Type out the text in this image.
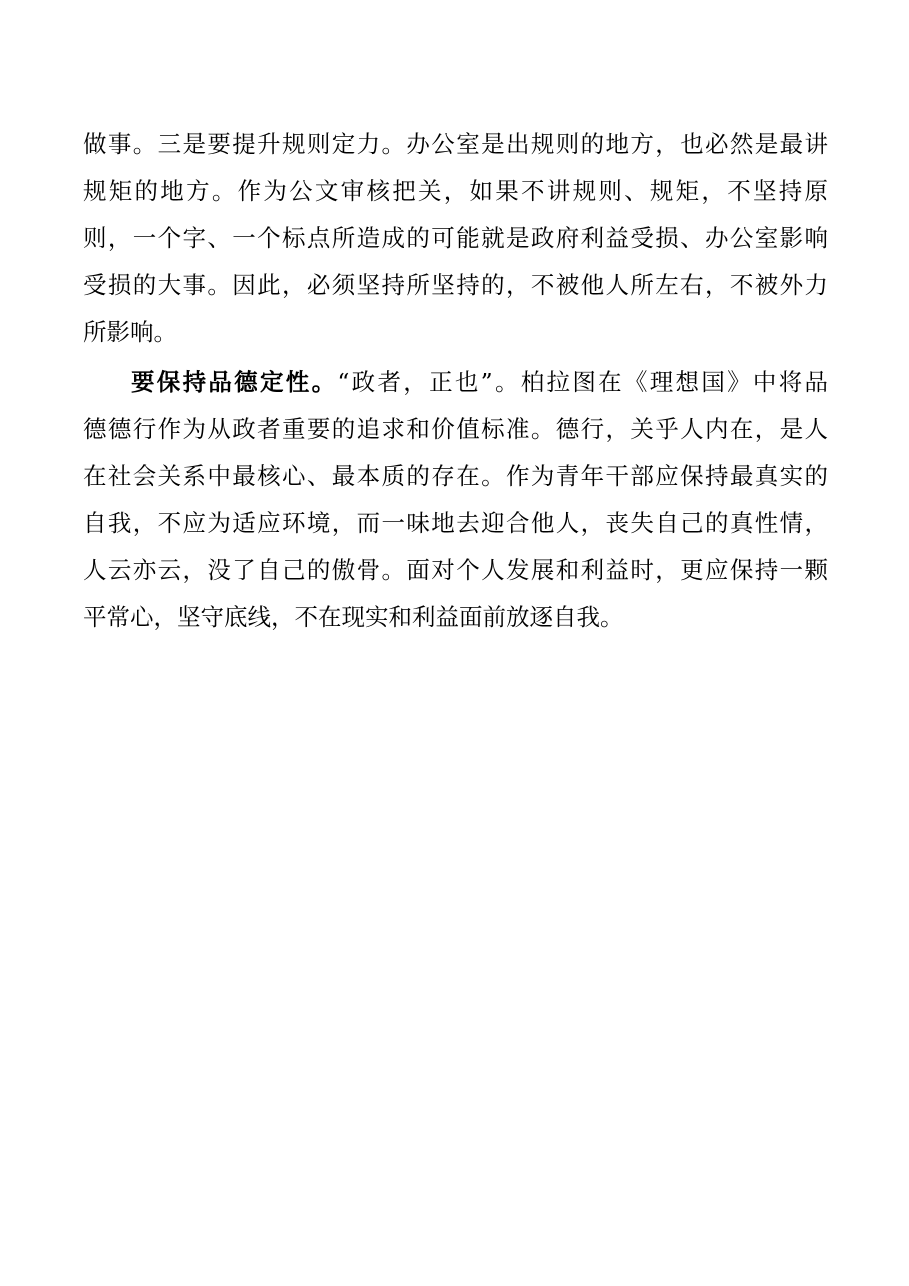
做事。三是要提升规则定力。办公室是出规则的地方，也必然是最讲
规矩的地方。作为公文审核把关，如果不讲规则、规矩，不坚持原
则，一个字、一个标点所造成的可能就是政府利益受损、办公室影响
受损的大事。因此，必须坚持所坚持的，不被他人所左右，不被外力
所影响。
要保持品德定性。“政者，正也”。柏拉图在《理想国》中将品
德德行作为从政者重要的追求和价值标准。德行，关乎人内在，是人
在社会关系中最核心、最本质的存在。作为青年干部应保持最真实的
自我，不应为适应环境，而一味地去迎合他人，丧失自己的真性情，
人云亦云，没了自己的傲骨。面对个人发展和利益时，更应保持一颗
平常心，坚守底线，不在现实和利益面前放逐自我。
